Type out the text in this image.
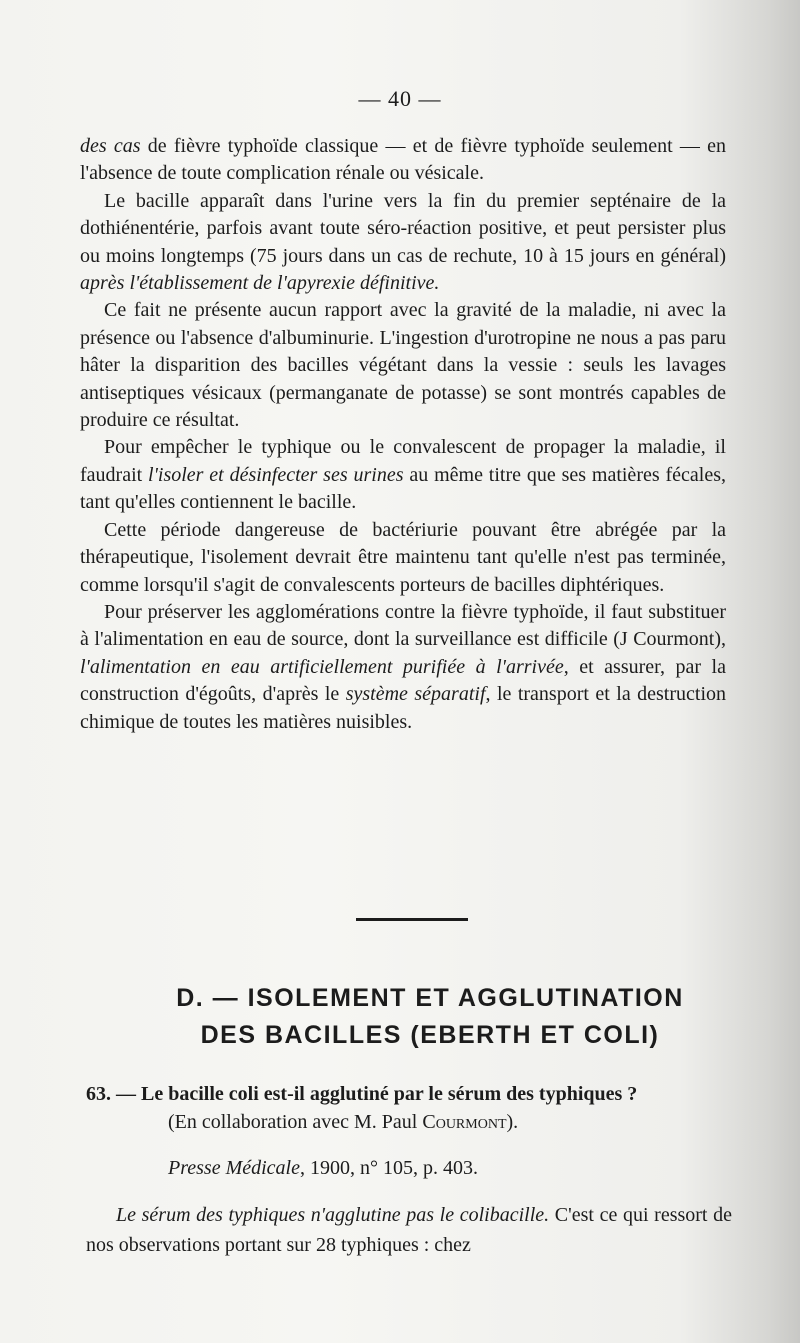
— 40 —

des cas de fièvre typhoïde classique — et de fièvre typhoïde seulement — en l'absence de toute complication rénale ou vésicale.

Le bacille apparaît dans l'urine vers la fin du premier septénaire de la dothiénentérie, parfois avant toute séro-réaction positive, et peut persister plus ou moins longtemps (75 jours dans un cas de rechute, 10 à 15 jours en général) après l'établissement de l'apyrexie définitive.

Ce fait ne présente aucun rapport avec la gravité de la maladie, ni avec la présence ou l'absence d'albuminurie. L'ingestion d'urotropine ne nous a pas paru hâter la disparition des bacilles végétant dans la vessie : seuls les lavages antiseptiques vésicaux (permanganate de potasse) se sont montrés capables de produire ce résultat.

Pour empêcher le typhique ou le convalescent de propager la maladie, il faudrait l'isoler et désinfecter ses urines au même titre que ses matières fécales, tant qu'elles contiennent le bacille.

Cette période dangereuse de bactériurie pouvant être abrégée par la thérapeutique, l'isolement devrait être maintenu tant qu'elle n'est pas terminée, comme lorsqu'il s'agit de convalescents porteurs de bacilles diphtériques.

Pour préserver les agglomérations contre la fièvre typhoïde, il faut substituer à l'alimentation en eau de source, dont la surveillance est difficile (J Courmont), l'alimentation en eau artificiellement purifiée à l'arrivée, et assurer, par la construction d'égoûts, d'après le système séparatif, le transport et la destruction chimique de toutes les matières nuisibles.

D. — ISOLEMENT ET AGGLUTINATION
DES BACILLES (EBERTH ET COLI)
63. — Le bacille coli est-il agglutiné par le sérum des typhiques ?
(En collaboration avec M. Paul Courmont).
Presse Médicale, 1900, n° 105, p. 403.
Le sérum des typhiques n'agglutine pas le colibacille. C'est ce qui ressort de nos observations portant sur 28 typhiques : chez
